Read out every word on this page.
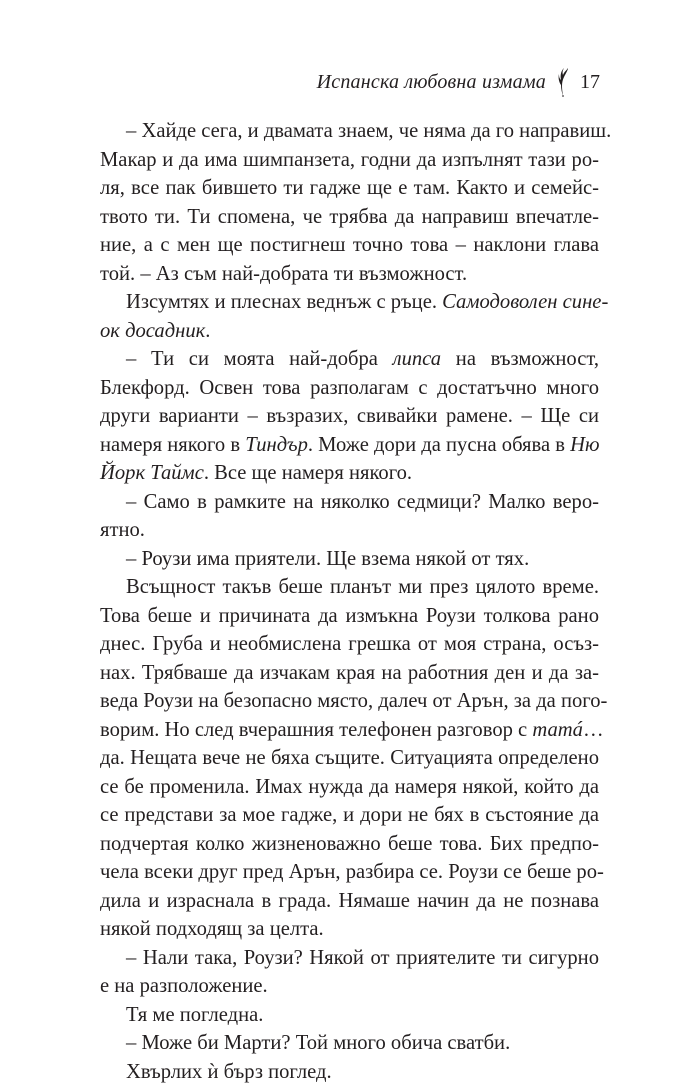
Испанска любовна измама 17
– Хайде сега, и двамата знаем, че няма да го направиш.
Макар и да има шимпанзета, годни да изпълнят тази ро-
ля, все пак бившето ти гадже ще е там. Както и семейс-
твото ти. Ти спомена, че трябва да направиш впечатле-
ние, а с мен ще постигнеш точно това – наклони глава
той. – Аз съм най-добрата ти възможност.
Изсумтях и плеснах веднъж с ръце. Самодоволен сине-
ок досадник.
– Ти си моята най-добра липса на възможност,
Блекфорд. Освен това разполагам с достатъчно много
други варианти – възразих, свивайки рамене. – Ще си
намеря някого в Тиндър. Може дори да пусна обява в Ню
Йорк Таймс. Все ще намеря някого.
– Само в рамките на няколко седмици? Малко веро-
ятно.
– Роузи има приятели. Ще взема някой от тях.
Всъщност такъв беше планът ми през цялото време.
Това беше и причината да измъкна Роузи толкова рано
днес. Груба и необмислена грешка от моя страна, осъз-
нах. Трябваше да изчакам края на работния ден и да за-
веда Роузи на безопасно място, далеч от Арън, за да пого-
ворим. Но след вчерашния телефонен разговор с татá…
да. Нещата вече не бяха същите. Ситуацията определено
се бе променила. Имах нужда да намеря някой, който да
се представи за мое гадже, и дори не бях в състояние да
подчертая колко жизненоважно беше това. Бих предпо-
чела всеки друг пред Арън, разбира се. Роузи се беше ро-
дила и израснала в града. Нямаше начин да не познава
някой подходящ за целта.
– Нали така, Роузи? Някой от приятелите ти сигурно
е на разположение.
Тя ме погледна.
– Може би Марти? Той много обича сватби.
Хвърлих ѝ бърз поглед.
